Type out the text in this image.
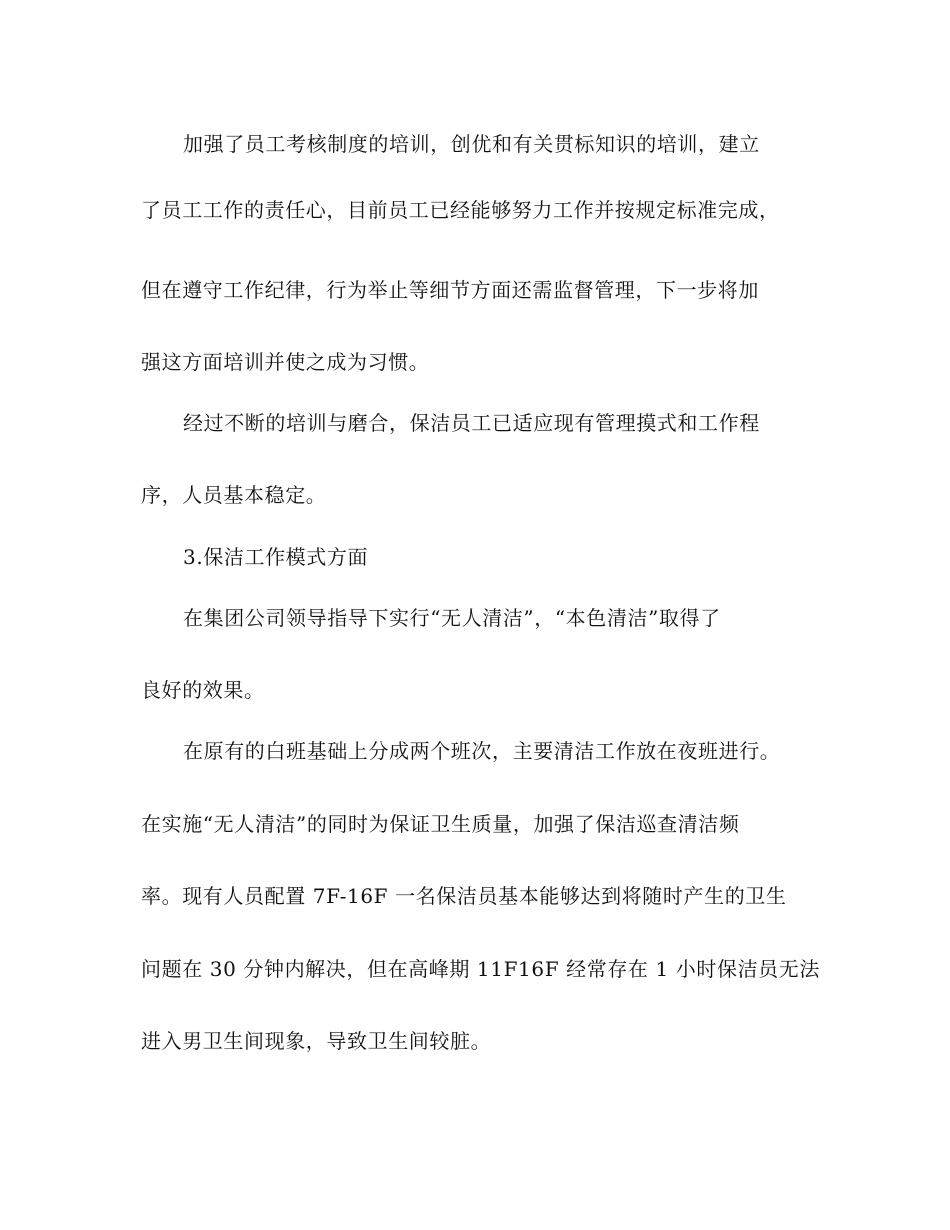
加强了员工考核制度的培训，创优和有关贯标知识的培训，建立
了员工工作的责任心，目前员工已经能够努力工作并按规定标准完成，
但在遵守工作纪律，行为举止等细节方面还需监督管理，下一步将加
强这方面培训并使之成为习惯。
经过不断的培训与磨合，保洁员工已适应现有管理摸式和工作程
序，人员基本稳定。
3.保洁工作模式方面
在集团公司领导指导下实行“无人清洁”，“本色清洁”取得了
良好的效果。
在原有的白班基础上分成两个班次，主要清洁工作放在夜班进行。
在实施“无人清洁”的同时为保证卫生质量，加强了保洁巡查清洁频
率。现有人员配置 7F-16F 一名保洁员基本能够达到将随时产生的卫生
问题在 30 分钟内解决，但在高峰期 11F16F 经常存在 1 小时保洁员无法
进入男卫生间现象，导致卫生间较脏。
